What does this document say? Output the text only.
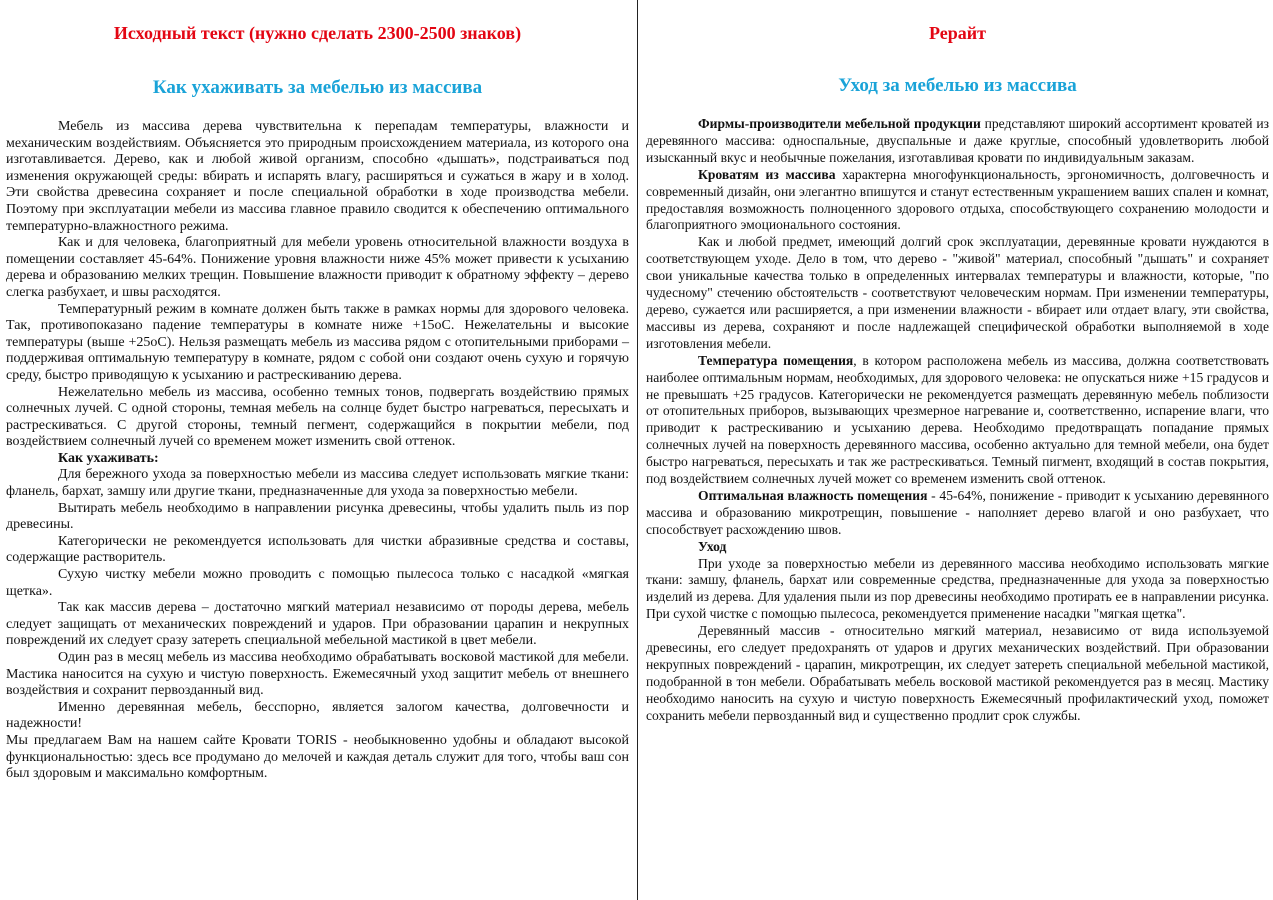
Исходный текст (нужно сделать 2300-2500 знаков)
Как ухаживать за мебелью из массива

Мебель из массива дерева чувствительна к перепадам температуры, влажности и механическим воздействиям. Объясняется это природным происхождением материала, из которого она изготавливается. Дерево, как и любой живой организм, способно «дышать», подстраиваться под изменения окружающей среды: вбирать и испарять влагу, расширяться и сужаться в жару и в холод. Эти свойства древесина сохраняет и после специальной обработки в ходе производства мебели. Поэтому при эксплуатации мебели из массива главное правило сводится к обеспечению оптимального температурно-влажностного режима.

Как и для человека, благоприятный для мебели уровень относительной влажности воздуха в помещении составляет 45-64%. Понижение уровня влажности ниже 45% может привести к усыханию дерева и образованию мелких трещин. Повышение влажности приводит к обратному эффекту – дерево слегка разбухает, и швы расходятся.

Температурный режим в комнате должен быть также в рамках нормы для здорового человека. Так, противопоказано падение температуры в комнате ниже +15оС. Нежелательны и высокие температуры (выше +25оС). Нельзя размещать мебель из массива рядом с отопительными приборами – поддерживая оптимальную температуру в комнате, рядом с собой они создают очень сухую и горячую среду, быстро приводящую к усыханию и растрескиванию дерева.

Нежелательно мебель из массива, особенно темных тонов, подвергать воздействию прямых солнечных лучей. С одной стороны, темная мебель на солнце будет быстро нагреваться, пересыхать и растрескиваться. С другой стороны, темный пегмент, содержащийся в покрытии мебели, под воздействием солнечный лучей со временем может изменить свой оттенок.

Как ухаживать:

Для бережного ухода за поверхностью мебели из массива следует использовать мягкие ткани: фланель, бархат, замшу или другие ткани, предназначенные для ухода за поверхностью мебели.

Вытирать мебель необходимо в направлении рисунка древесины, чтобы удалить пыль из пор древесины.

Категорически не рекомендуется использовать для чистки абразивные средства и составы, содержащие растворитель.

Сухую чистку мебели можно проводить с помощью пылесоса только с насадкой «мягкая щетка».

Так как массив дерева – достаточно мягкий материал независимо от породы дерева, мебель следует защищать от механических повреждений и ударов. При образовании царапин и некрупных повреждений их следует сразу затереть специальной мебельной мастикой в цвет мебели.

Один раз в месяц мебель из массива необходимо обрабатывать восковой мастикой для мебели. Мастика наносится на сухую и чистую поверхность. Ежемесячный уход защитит мебель от внешнего воздействия и сохранит первозданный вид.

Именно деревянная мебель, бесспорно, является залогом качества, долговечности и надежности!

Мы предлагаем Вам на нашем сайте Кровати TORIS - необыкновенно удобны и обладают высокой функциональностью: здесь все продумано до мелочей и каждая деталь служит для того, чтобы ваш сон был здоровым и максимально комфортным.

Рерайт
Уход за мебелью из массива

Фирмы-производители мебельной продукции представляют широкий ассортимент кроватей из деревянного массива: односпальные, двуспальные и даже круглые, способный удовлетворить любой изысканный вкус и необычные пожелания, изготавливая кровати по индивидуальным заказам.

Кроватям из массива характерна многофункциональность, эргономичность, долговечность и современный дизайн, они элегантно впишутся и станут естественным украшением ваших спален и комнат, предоставляя возможность полноценного здорового отдыха, способствующего сохранению молодости и благоприятного эмоционального состояния.

Как и любой предмет, имеющий долгий срок эксплуатации, деревянные кровати нуждаются в соответствующем уходе. Дело в том, что дерево - "живой" материал, способный "дышать" и сохраняет свои уникальные качества только в определенных интервалах температуры и влажности, которые, "по чудесному" стечению обстоятельств - соответствуют человеческим нормам. При изменении температуры, дерево, сужается или расширяется, а при изменении влажности - вбирает или отдает влагу, эти свойства, массивы из дерева, сохраняют и после надлежащей специфической обработки выполняемой в ходе изготовления мебели.

Температура помещения, в котором расположена мебель из массива, должна соответствовать наиболее оптимальным нормам, необходимых, для здорового человека: не опускаться ниже +15 градусов и не превышать +25 градусов. Категорически не рекомендуется размещать деревянную мебель поблизости от отопительных приборов, вызывающих чрезмерное нагревание и, соответственно, испарение влаги, что приводит к растрескиванию и усыханию дерева. Необходимо предотвращать попадание прямых солнечных лучей на поверхность деревянного массива, особенно актуально для темной мебели, она будет быстро нагреваться, пересыхать и так же растрескиваться. Темный пигмент, входящий в состав покрытия, под воздействием солнечных лучей может со временем изменить свой оттенок.

Оптимальная влажность помещения - 45-64%, понижение - приводит к усыханию деревянного массива и образованию микротрещин, повышение - наполняет дерево влагой и оно разбухает, что способствует расхождению швов.

Уход

При уходе за поверхностью мебели из деревянного массива необходимо использовать мягкие ткани: замшу, фланель, бархат или современные средства, предназначенные для ухода за поверхностью изделий из дерева. Для удаления пыли из пор древесины необходимо протирать ее в направлении рисунка. При сухой чистке с помощью пылесоса, рекомендуется применение насадки "мягкая щетка".

Деревянный массив - относительно мягкий материал, независимо от вида используемой древесины, его следует предохранять от ударов и других механических воздействий. При образовании некрупных повреждений - царапин, микротрещин, их следует затереть специальной мебельной мастикой, подобранной в тон мебели. Обрабатывать мебель восковой мастикой рекомендуется раз в месяц. Мастику необходимо наносить на сухую и чистую поверхность Ежемесячный профилактический уход, поможет сохранить мебели первозданный вид и существенно продлит срок службы.
